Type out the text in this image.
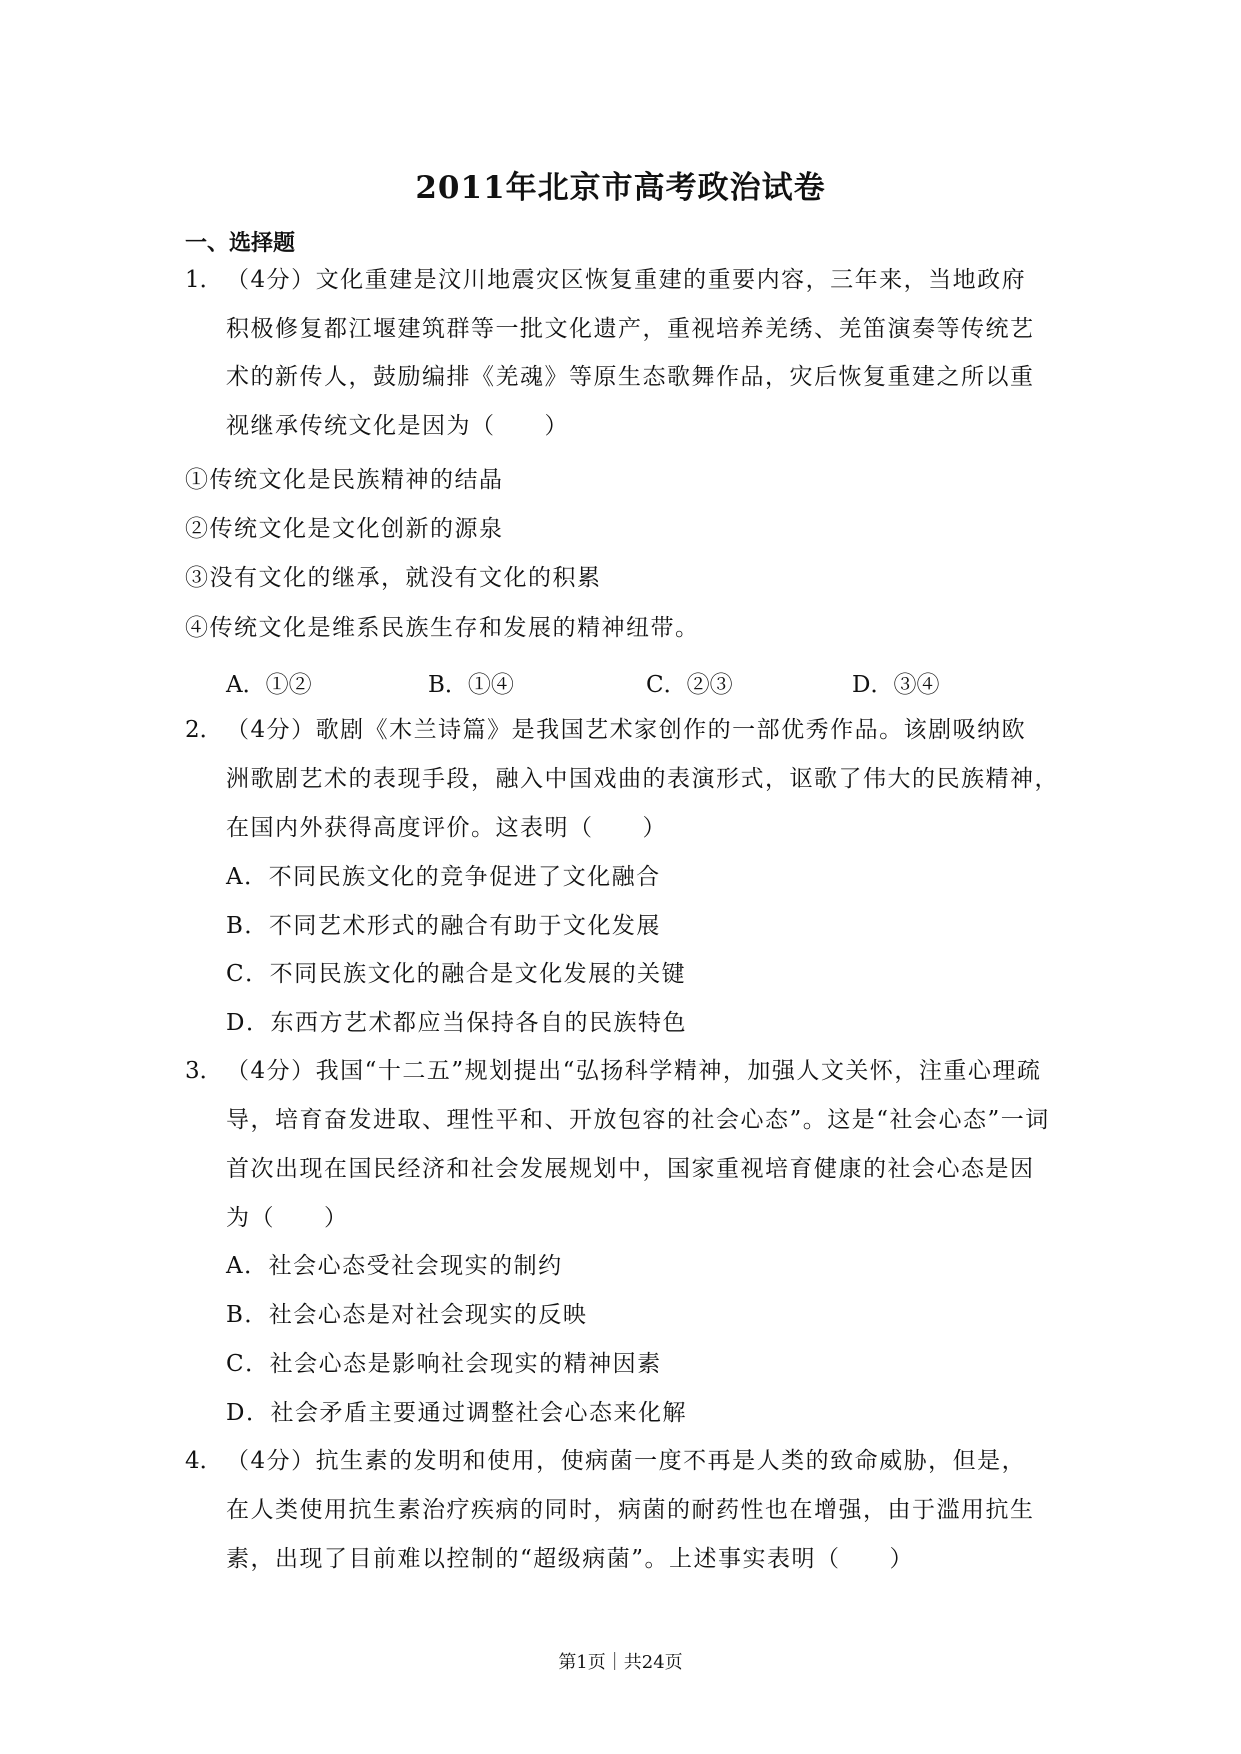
2011年北京市高考政治试卷
一、选择题
1． （4分）文化重建是汶川地震灾区恢复重建的重要内容，三年来，当地政府
积极修复都江堰建筑群等一批文化遗产，重视培养羌绣、羌笛演奏等传统艺
术的新传人，鼓励编排《羌魂》等原生态歌舞作品，灾后恢复重建之所以重
视继承传统文化是因为（　　）
①传统文化是民族精神的结晶
②传统文化是文化创新的源泉
③没有文化的继承，就没有文化的积累
④传统文化是维系民族生存和发展的精神纽带。
A．①②	B．①④	C．②③	D．③④
2． （4分）歌剧《木兰诗篇》是我国艺术家创作的一部优秀作品。该剧吸纳欧
洲歌剧艺术的表现手段，融入中国戏曲的表演形式，讴歌了伟大的民族精神，
在国内外获得高度评价。这表明（　　）
A．不同民族文化的竞争促进了文化融合
B．不同艺术形式的融合有助于文化发展
C．不同民族文化的融合是文化发展的关键
D．东西方艺术都应当保持各自的民族特色
3． （4分）我国“十二五”规划提出“弘扬科学精神，加强人文关怀，注重心理疏
导，培育奋发进取、理性平和、开放包容的社会心态”。这是“社会心态”一词
首次出现在国民经济和社会发展规划中，国家重视培育健康的社会心态是因
为（　　）
A．社会心态受社会现实的制约
B．社会心态是对社会现实的反映
C．社会心态是影响社会现实的精神因素
D．社会矛盾主要通过调整社会心态来化解
4． （4分）抗生素的发明和使用，使病菌一度不再是人类的致命威胁，但是，
在人类使用抗生素治疗疾病的同时，病菌的耐药性也在增强，由于滥用抗生
素，出现了目前难以控制的“超级病菌”。上述事实表明（　　）
第1页｜共24页
